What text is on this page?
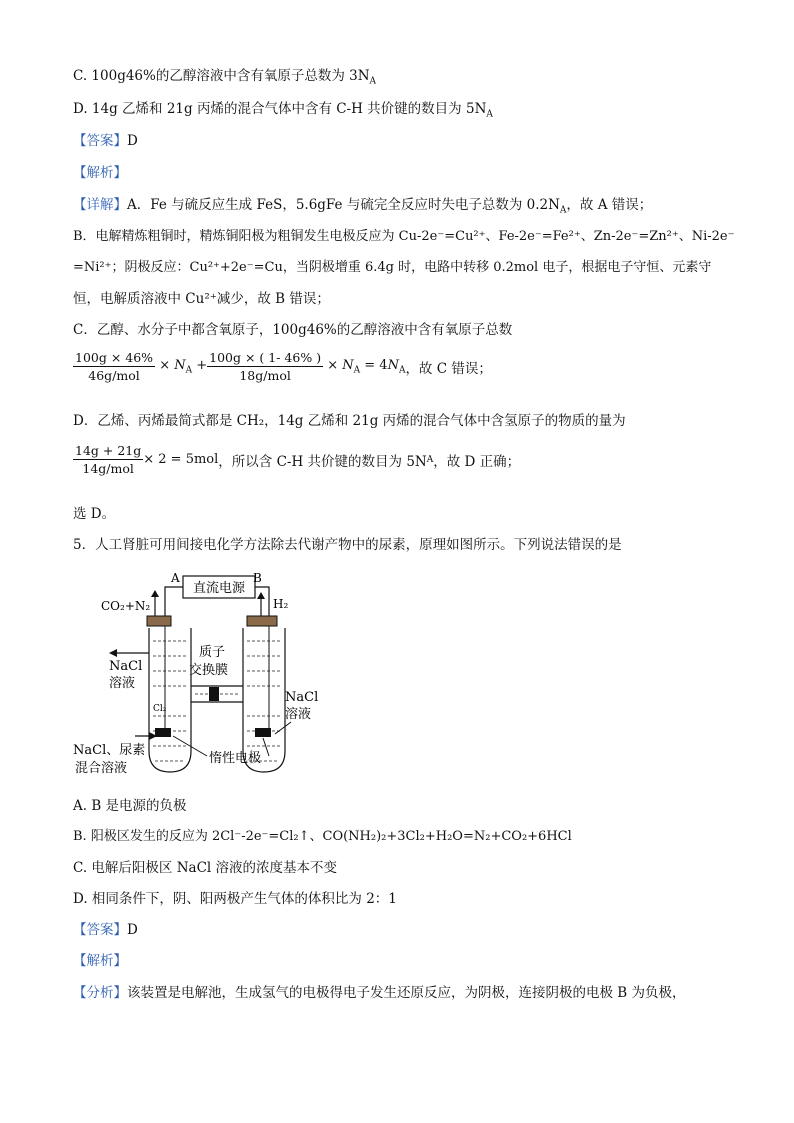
C. 100g46%的乙醇溶液中含有氧原子总数为 $3N_A$
D. 14g 乙烯和 21g 丙烯的混合气体中含有 C-H 共价键的数目为 $5N_A$
【答案】D
【解析】
【详解】A．Fe 与硫反应生成 FeS，5.6gFe 与硫完全反应时失电子总数为 $0.2N_A$，故 A 错误；
B．电解精炼粗铜时，精炼铜阳极为粗铜发生电极反应为 Cu-2e⁻=Cu²⁺、Fe-2e⁻=Fe²⁺、Zn-2e⁻=Zn²⁺、Ni-2e⁻
=Ni²⁺；阴极反应：Cu²⁺+2e⁻=Cu，当阴极增重 6.4g 时，电路中转移 0.2mol 电子，根据电子守恒、元素守
恒，电解质溶液中 Cu²⁺减少，故 B 错误；
C．乙醇、水分子中都含氧原子，100g46%的乙醇溶液中含有氧原子总数
$\frac{100g \times 46\%}{\text{46g/mol}} \times N_A + \frac{100g \times ( 1- 46\% )}{\text{18g/mol}} \times N_A = 4N_A$ ，故 C 错误；
D．乙烯、丙烯最简式都是 CH₂，14g 乙烯和 21g 丙烯的混合气体中含氢原子的物质的量为
$\frac{14g + 21g}{\text{14g/mol}} \times 2 = 5mol$ ，所以含 C-H 共价键的数目为 5N A ，故 D 正确；
选 D。
5．人工肾脏可用间接电化学方法除去代谢产物中的尿素，原理如图所示。下列说法错误的是
直流电源
A	B
CO₂+N₂	H₂
质子
交换膜
NaCl
溶液
NaCl
溶液
Cl₂
NaCl、尿素
混合溶液
惰性电极
A. B 是电源的负极
B. 阳极区发生的反应为 2Cl⁻-2e⁻=Cl₂↑、CO(NH₂)₂+3Cl₂+H₂O=N₂+CO₂+6HCl
C. 电解后阳极区 NaCl 溶液的浓度基本不变
D. 相同条件下，阴、阳两极产生气体的体积比为 2：1
【答案】D
【解析】
【分析】该装置是电解池，生成氢气的电极得电子发生还原反应，为阴极，连接阴极的电极 B 为负极，
